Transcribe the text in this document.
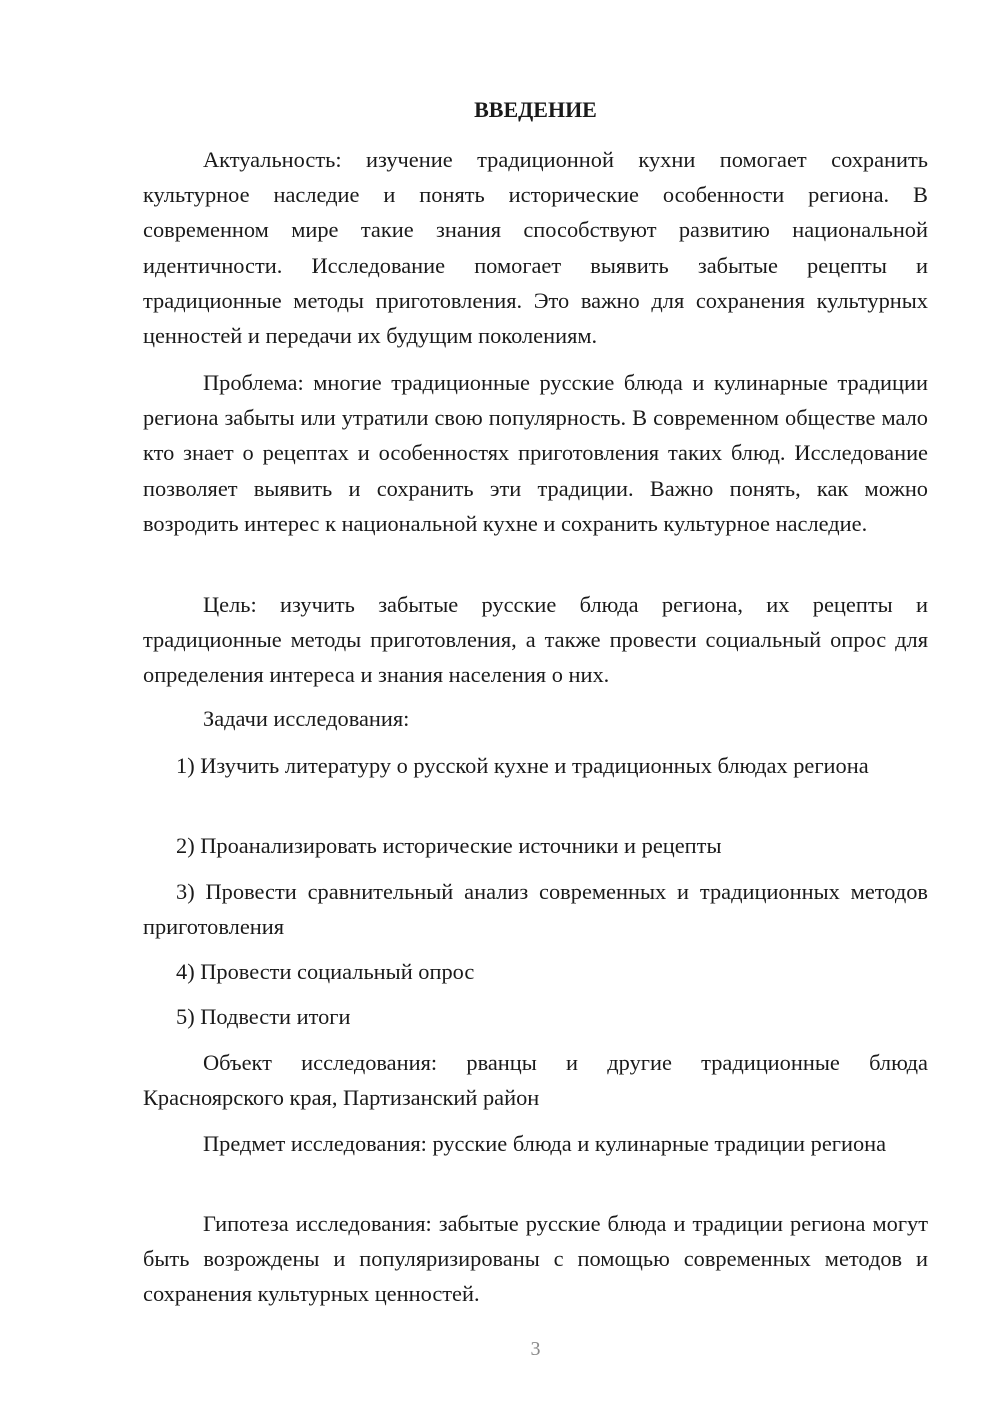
ВВЕДЕНИЕ

Актуальность: изучение традиционной кухни помогает сохранить культурное наследие и понять исторические особенности региона. В современном мире такие знания способствуют развитию национальной идентичности. Исследование помогает выявить забытые рецепты и традиционные методы приготовления. Это важно для сохранения культурных ценностей и передачи их будущим поколениям.

Проблема: многие традиционные русские блюда и кулинарные традиции региона забыты или утратили свою популярность. В современном обществе мало кто знает о рецептах и особенностях приготовления таких блюд. Исследование позволяет выявить и сохранить эти традиции. Важно понять, как можно возродить интерес к национальной кухне и сохранить культурное наследие.

Цель: изучить забытые русские блюда региона, их рецепты и традиционные методы приготовления, а также провести социальный опрос для определения интереса и знания населения о них.

Задачи исследования:

1) Изучить литературу о русской кухне и традиционных блюдах региона

2) Проанализировать исторические источники и рецепты

3) Провести сравнительный анализ современных и традиционных методов приготовления

4) Провести социальный опрос

5) Подвести итоги

Объект исследования: рванцы и другие традиционные блюда Красноярского края, Партизанский район

Предмет исследования: русские блюда и кулинарные традиции региона

Гипотеза исследования: забытые русские блюда и традиции региона могут быть возрождены и популяризированы с помощью современных методов и сохранения культурных ценностей.

3
